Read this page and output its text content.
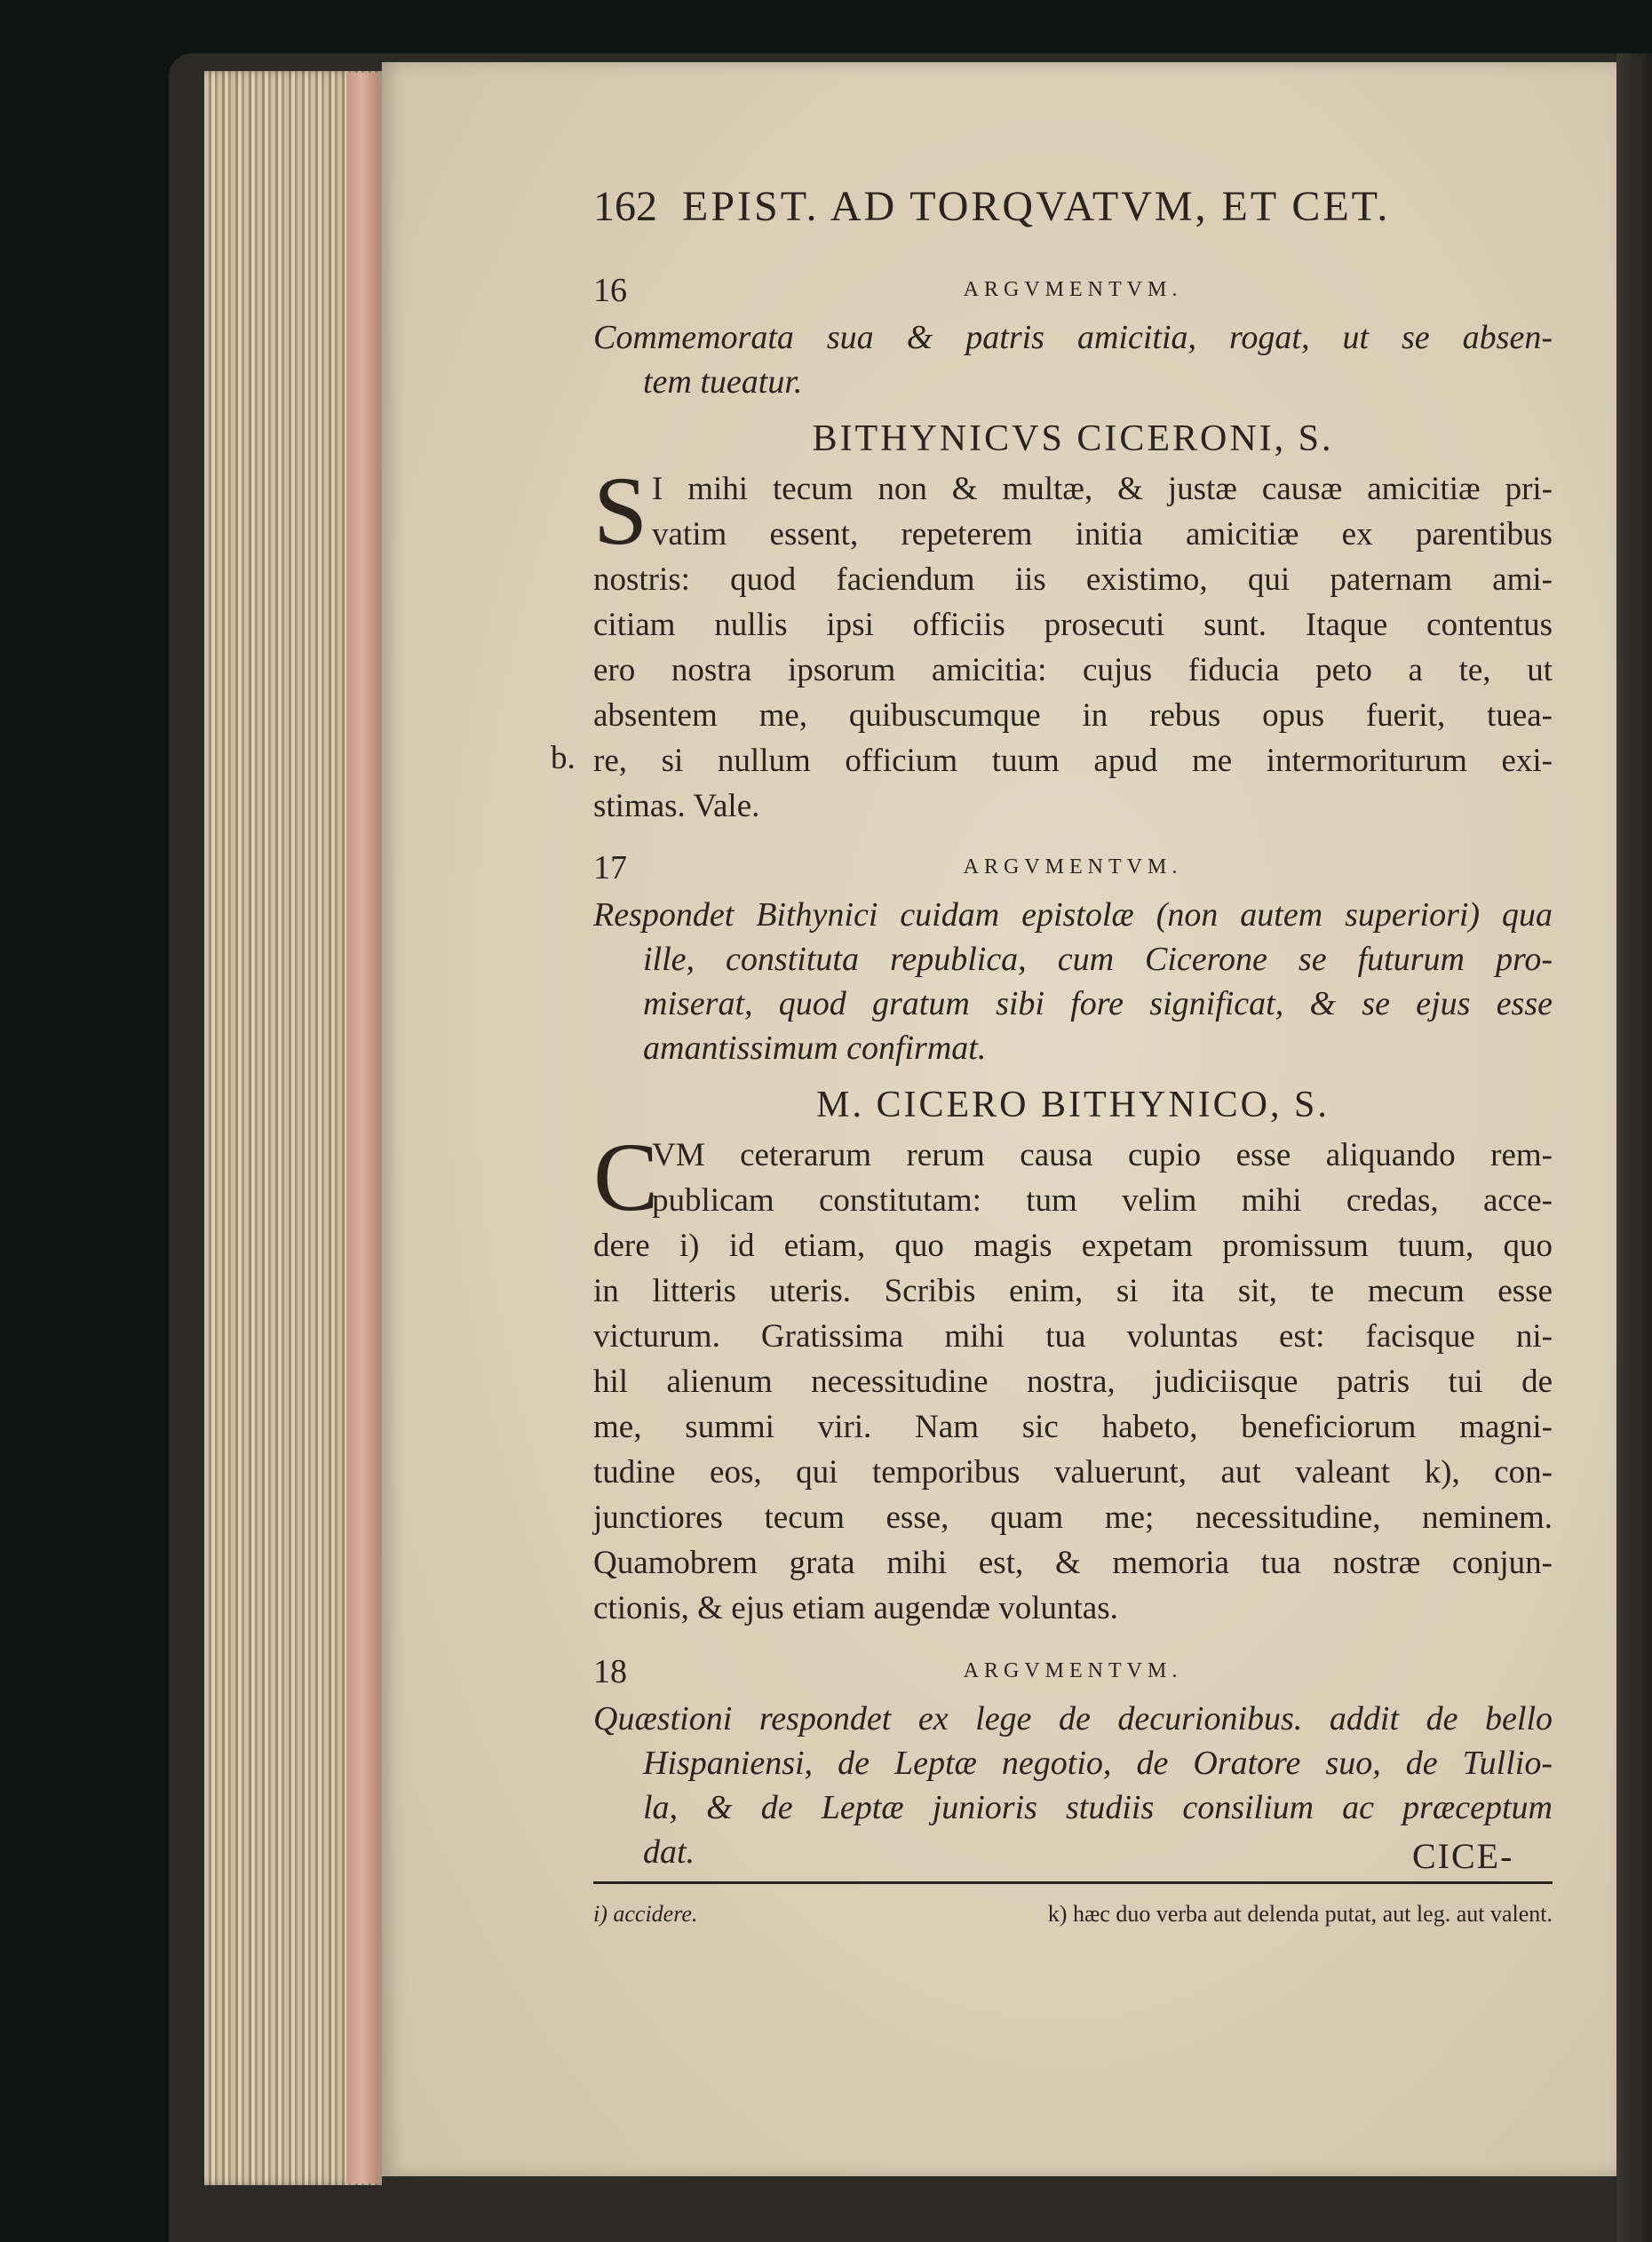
162 EPIST. AD TORQVATVM, ET CET.
16	ARGVMENTVM.
Commemorata sua & patris amicitia, rogat, ut se absen-
tem tueatur.
BITHYNICVS CICERONI, S.
S I mihi tecum non & multæ, & justæ causæ amicitiæ pri-
vatim essent, repeterem initia amicitiæ ex parentibus
nostris: quod faciendum iis existimo, qui paternam ami-
citiam nullis ipsi officiis prosecuti sunt. Itaque contentus
ero nostra ipsorum amicitia: cujus fiducia peto a te, ut
absentem me, quibuscumque in rebus opus fuerit, tuea-
re, si nullum officium tuum apud me intermoriturum exi-
stimas. Vale.
b.
17	ARGVMENTVM.
Respondet Bithynici cuidam epistolæ (non autem superiori) qua
ille, constituta republica, cum Cicerone se futurum pro-
miserat, quod gratum sibi fore significat, & se ejus esse
amantissimum confirmat.
M. CICERO BITHYNICO, S.
C
VM ceterarum rerum causa cupio esse aliquando rem-
publicam constitutam: tum velim mihi credas, acce-
dere i) id etiam, quo magis expetam promissum tuum, quo
in litteris uteris. Scribis enim, si ita sit, te mecum esse
victurum. Gratissima mihi tua voluntas est: facisque ni-
hil alienum necessitudine nostra, judiciisque patris tui de
me, summi viri. Nam sic habeto, beneficiorum magni-
tudine eos, qui temporibus valuerunt, aut valeant k), con-
junctiores tecum esse, quam me; necessitudine, neminem.
Quamobrem grata mihi est, & memoria tua nostræ conjun-
ctionis, & ejus etiam augendæ voluntas.
18	ARGVMENTVM.
Quæstioni respondet ex lege de decurionibus. addit de bello
Hispaniensi, de Leptæ negotio, de Oratore suo, de Tullio-
la, & de Leptæ junioris studiis consilium ac præceptum
dat.	CICE-
i) accidere.	k) hæc duo verba aut delenda putat, aut leg. aut valent.
